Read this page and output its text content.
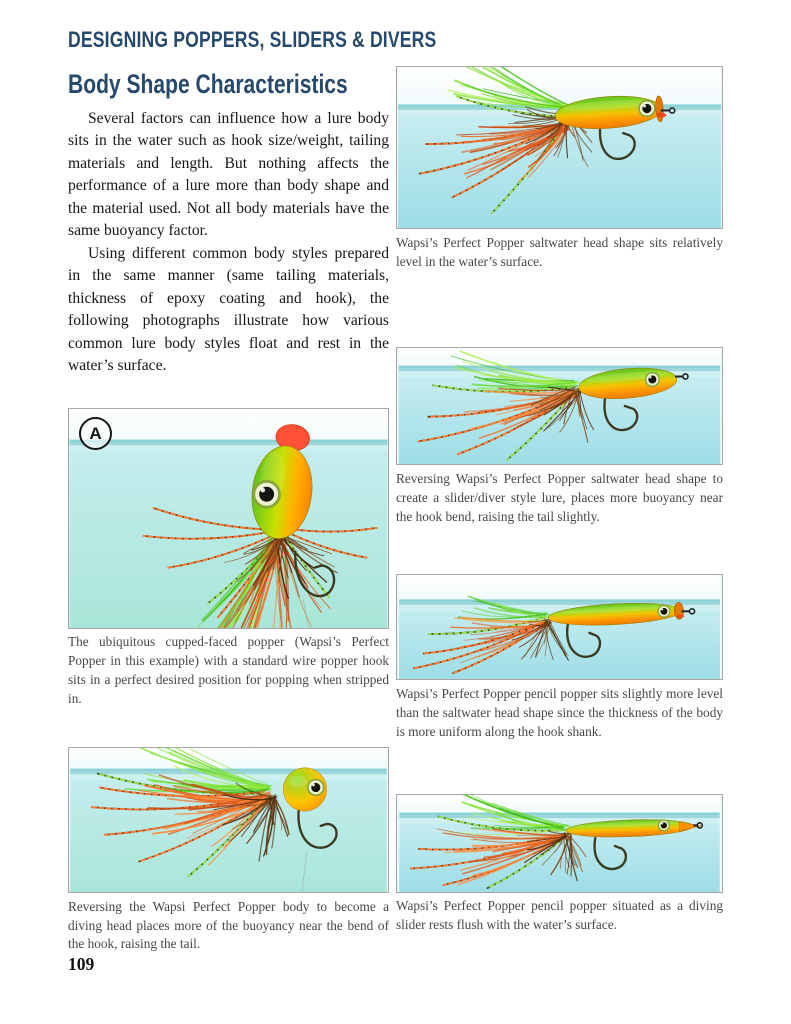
DESIGNING POPPERS, SLIDERS & DIVERS
Body Shape Characteristics

Several factors can influence how a lure body sits in the water such as hook size/weight, tailing materials and length. But nothing affects the performance of a lure more than body shape and the material used. Not all body materials have the same buoyancy factor.

Using different common body styles prepared in the same manner (same tailing materials, thickness of epoxy coating and hook), the following photographs illustrate how various common lure body styles float and rest in the water’s surface.

A
The ubiquitous cupped-faced popper (Wapsi’s Perfect Popper in this example) with a standard wire popper hook sits in a perfect desired position for popping when stripped in.
Reversing the Wapsi Perfect Popper body to become a diving head places more of the buoyancy near the bend of the hook, raising the tail.
109
Wapsi’s Perfect Popper saltwater head shape sits relatively level in the water’s surface.
Reversing Wapsi’s Perfect Popper saltwater head shape to create a slider/diver style lure, places more buoyancy near the hook bend, raising the tail slightly.
Wapsi’s Perfect Popper pencil popper sits slightly more level than the saltwater head shape since the thickness of the body is more uniform along the hook shank.
Wapsi’s Perfect Popper pencil popper situated as a diving slider rests flush with the water’s surface.
